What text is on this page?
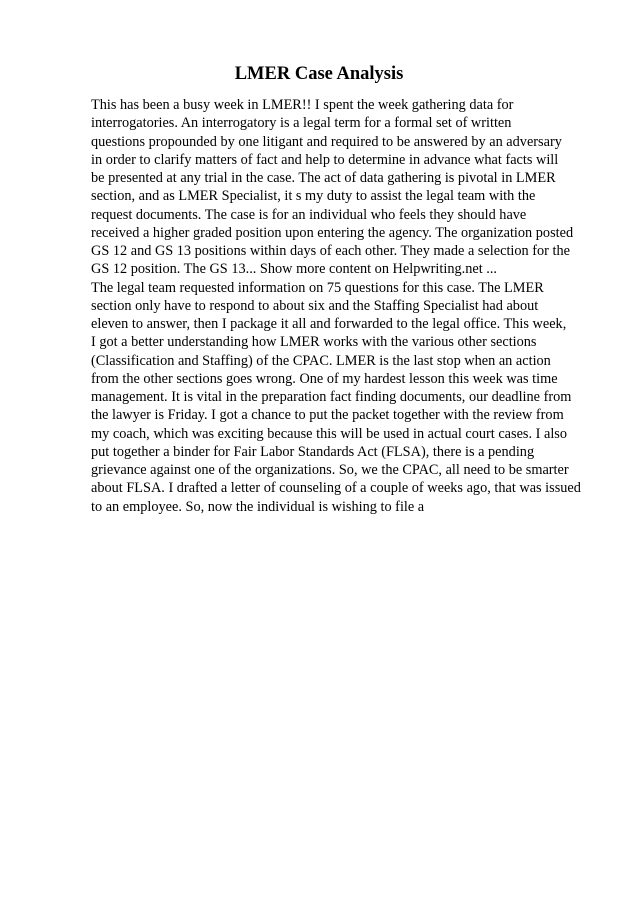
LMER Case Analysis
This has been a busy week in LMER!! I spent the week gathering data for
interrogatories. An interrogatory is a legal term for a formal set of written
questions propounded by one litigant and required to be answered by an adversary
in order to clarify matters of fact and help to determine in advance what facts will
be presented at any trial in the case. The act of data gathering is pivotal in LMER
section, and as LMER Specialist, it s my duty to assist the legal team with the
request documents. The case is for an individual who feels they should have
received a higher graded position upon entering the agency. The organization posted
GS 12 and GS 13 positions within days of each other. They made a selection for the
GS 12 position. The GS 13... Show more content on Helpwriting.net ...
The legal team requested information on 75 questions for this case. The LMER
section only have to respond to about six and the Staffing Specialist had about
eleven to answer, then I package it all and forwarded to the legal office. This week,
I got a better understanding how LMER works with the various other sections
(Classification and Staffing) of the CPAC. LMER is the last stop when an action
from the other sections goes wrong. One of my hardest lesson this week was time
management. It is vital in the preparation fact finding documents, our deadline from
the lawyer is Friday. I got a chance to put the packet together with the review from
my coach, which was exciting because this will be used in actual court cases. I also
put together a binder for Fair Labor Standards Act (FLSA), there is a pending
grievance against one of the organizations. So, we the CPAC, all need to be smarter
about FLSA. I drafted a letter of counseling of a couple of weeks ago, that was issued
to an employee. So, now the individual is wishing to file a
